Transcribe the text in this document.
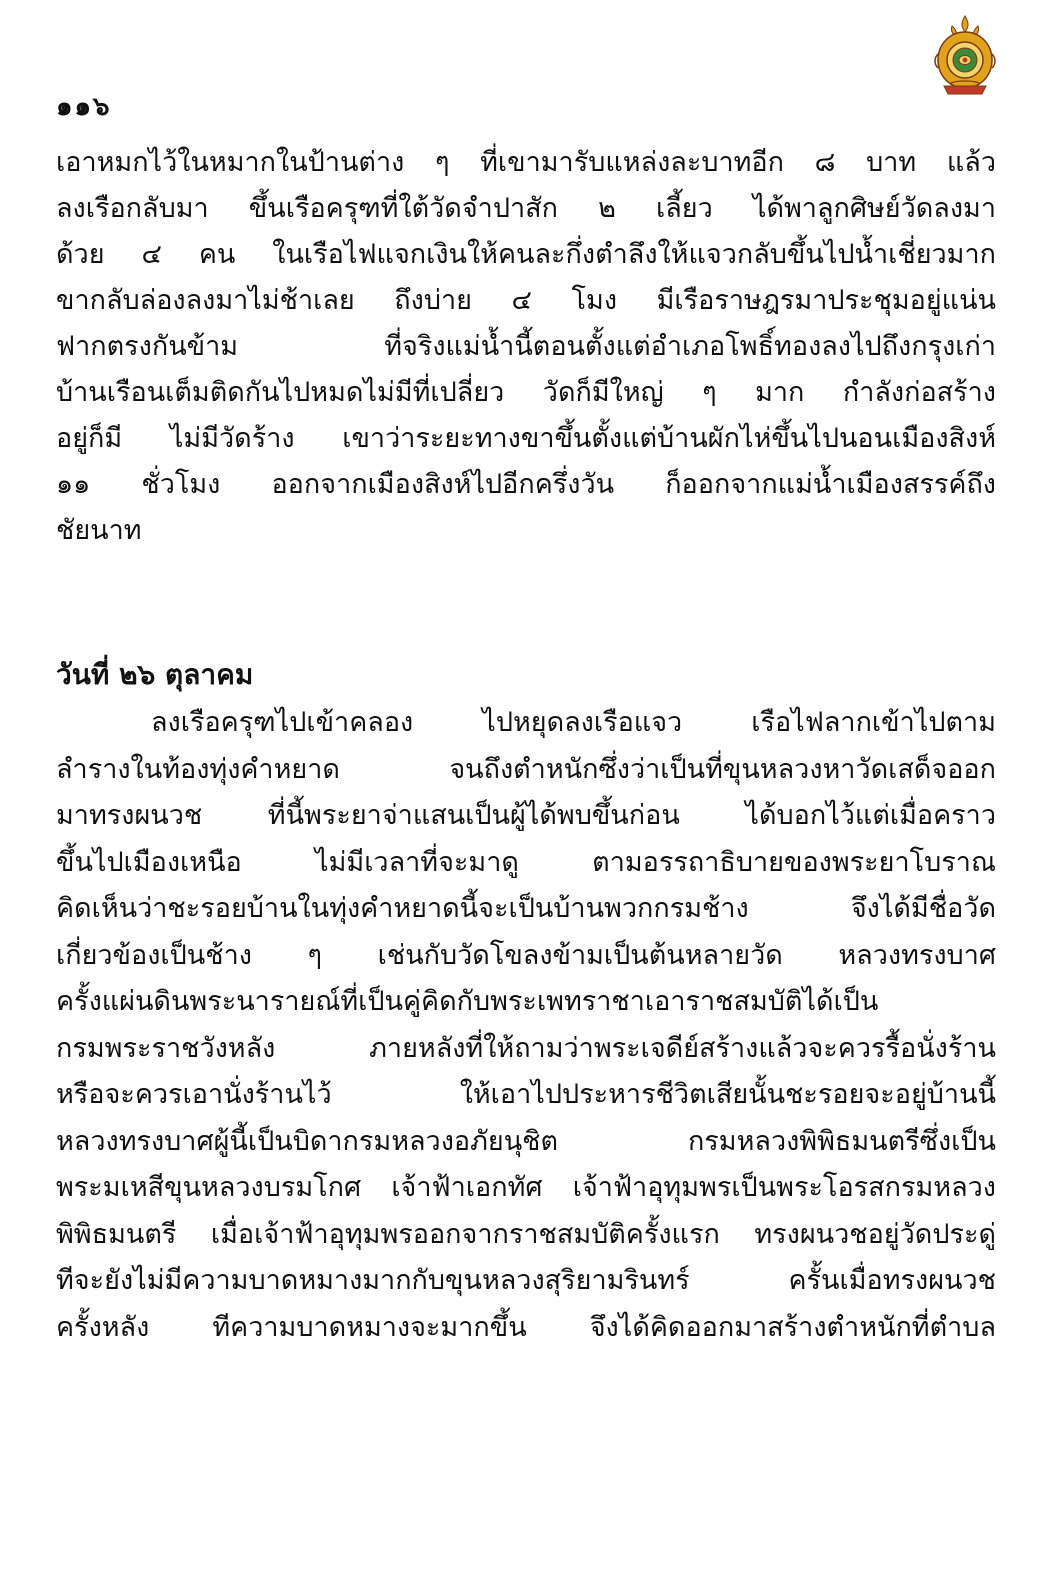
๑๑๖
เอาหมกไว้ในหมากในป้านต่าง ๆ ที่เขามารับแหล่งละบาทอีก ๘ บาท แล้ว
ลงเรือกลับมา ขึ้นเรือครุฑที่ใต้วัดจำปาสัก ๒ เลี้ยว ได้พาลูกศิษย์วัดลงมา
ด้วย ๔ คน ในเรือไฟแจกเงินให้คนละกึ่งตำลึงให้แจวกลับขึ้นไปน้ำเชี่ยวมาก
ขากลับล่องลงมาไม่ช้าเลย ถึงบ่าย ๔ โมง มีเรือราษฎรมาประชุมอยู่แน่น
ฟากตรงกันข้าม ที่จริงแม่น้ำนี้ตอนตั้งแต่อำเภอโพธิ์ทองลงไปถึงกรุงเก่า
บ้านเรือนเต็มติดกันไปหมดไม่มีที่เปลี่ยว วัดก็มีใหญ่ ๆ มาก กำลังก่อสร้าง
อยู่ก็มี ไม่มีวัดร้าง เขาว่าระยะทางขาขึ้นตั้งแต่บ้านผักไห่ขึ้นไปนอนเมืองสิงห์
๑๑ ชั่วโมง ออกจากเมืองสิงห์ไปอีกครึ่งวัน ก็ออกจากแม่น้ำเมืองสรรค์ถึง
ชัยนาท
วันที่ ๒๖ ตุลาคม
ลงเรือครุฑไปเข้าคลอง ไปหยุดลงเรือแจว เรือไฟลากเข้าไปตาม
ลำรางในท้องทุ่งคำหยาด จนถึงตำหนักซึ่งว่าเป็นที่ขุนหลวงหาวัดเสด็จออก
มาทรงผนวช ที่นี้พระยาจ่าแสนเป็นผู้ได้พบขึ้นก่อน ได้บอกไว้แต่เมื่อคราว
ขึ้นไปเมืองเหนือ ไม่มีเวลาที่จะมาดู ตามอรรถาธิบายของพระยาโบราณ
คิดเห็นว่าชะรอยบ้านในทุ่งคำหยาดนี้จะเป็นบ้านพวกกรมช้าง จึงได้มีชื่อวัด
เกี่ยวข้องเป็นช้าง ๆ เช่นกับวัดโขลงข้ามเป็นต้นหลายวัด หลวงทรงบาศ
ครั้งแผ่นดินพระนารายณ์ที่เป็นคู่คิดกับพระเพทราชาเอาราชสมบัติได้เป็น
กรมพระราชวังหลัง ภายหลังที่ให้ถามว่าพระเจดีย์สร้างแล้วจะควรรื้อนั่งร้าน
หรือจะควรเอานั่งร้านไว้ ให้เอาไปประหารชีวิตเสียนั้นชะรอยจะอยู่บ้านนี้
หลวงทรงบาศผู้นี้เป็นบิดากรมหลวงอภัยนุชิต กรมหลวงพิพิธมนตรีซึ่งเป็น
พระมเหสีขุนหลวงบรมโกศ เจ้าฟ้าเอกทัศ เจ้าฟ้าอุทุมพรเป็นพระโอรสกรมหลวง
พิพิธมนตรี เมื่อเจ้าฟ้าอุทุมพรออกจากราชสมบัติครั้งแรก ทรงผนวชอยู่วัดประดู่
ทีจะยังไม่มีความบาดหมางมากกับขุนหลวงสุริยามรินทร์ ครั้นเมื่อทรงผนวช
ครั้งหลัง ทีความบาดหมางจะมากขึ้น จึงได้คิดออกมาสร้างตำหนักที่ตำบล
